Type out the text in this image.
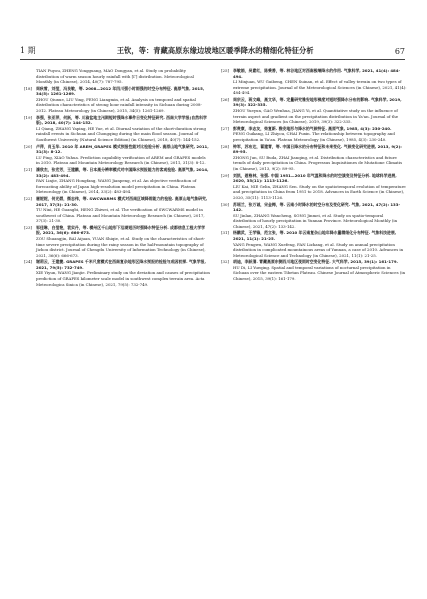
1 期	王钦，等：青藏高原东缘边坡地区暖季降水的精细化特征分析	67
TIAN Fuyou, ZHENG Yongguang, MAO Dongyan, et al. Study on probability distribution of warm season hourly rainfall with [Γ] distribution. Meteorological Monthly (in Chinese), 2014, 40(7): 787-795.
[18]	周秋雪，刘莹，冯良敏，等. 2008—2012 年四川强小时雨强的时空分布特征. 高原气象, 2015, 34(5): 1261-1269.
ZHOU Qiuxue, LIU Ying, FENG Liangmin, et al. Analysis on temporal and spatial distribution characteristics of strong hour rainfall intensity in Sichuan during 2008-2012. Plateau Meteorology (in Chinese), 2015, 34(5): 1261-1269.
[19]	李强，张亚萍，何跃，等. 川渝盆地主汛期短时强降水事件日变化特征研究. 西南大学学报(自然科学版), 2018, 40(7): 144-152.
LI Qiang, ZHANG Yaping, HE Yue, et al. Diurnal variation of the short-duration strong rainfall events in Sichuan and Chongqing during the main flood season. Journal of Southwest University (Natural Science Edition) (in Chinese), 2018, 40(7): 144-152.
[20]	卢萍，肖玉华. 2010 年 AREM_GRAPES 模式预报性能对比检验分析. 高原山地气象研究, 2011, 31(3): 8-12.
LU Ping, XIAO Yuhua. Prediction capability verification of AREM and GRAPES models in 2010. Plateau and Mountain Meteorology Research (in Chinese), 2011, 31(3): 8-12.
[21]	潘欣杰，张宏芳，王建鹏，等. 日本高分辨率模式对中国降水预报能力的客观检验. 高原气象, 2014, 33(2): 483-494.
PAN Linjie, ZHANG Hongfang, WANG Jianpeng, et al. An objective verification of forecasting ability of Japan high-resolution model precipitation in China. Plateau Meteorology (in Chinese), 2014, 33(2): 483-494.
[22]	屠妮妮，何光碧，衡志伟，等. SWCWARMS 模式对西南区域降雨能力的检验. 高原山地气象研究, 2017, 37(3): 21-30.
TU Nini, HE Guangbi, HENG Zhiwei, et al. The verification of SWCWARMS model in southwest of China. Plateau and Mountain Meteorology Research (in Chinese), 2017, 37(3): 21-30.
[23]	邹佳琳，白莹艳，袁实丹，等. 横州区千山地形下沿湖短历时强降水特征分析. 成都信息工程大学学报, 2021, 36(6): 666-673.
ZOU Shuangjin, BAI Aijuan, YUAN Shiqie, et al. Study on the characteristics of short-time severe precipitation during the rainy season in the half-mountain topography of Jizhou district. Journal of Chengdu University of Information Technology (in Chinese), 2021, 36(6): 666-673.
[24]	谢莉云，王建捷. GRAPES 千米尺度模式在西南复杂地形区降水预报的检验与成因初探. 气象学报, 2021, 79(5): 732-749.
XIE Yiyun, WANG Jianjie. Preliminary study on the deviation and causes of precipitation prediction of GRAPES kilometer scale model in southwest complex terrain area. Acta Meteorologica Sinica (in Chinese), 2021, 79(5): 732-749.
[25]	李敏娟，吴素红，陈秉善，等. 林谷地区对西南极端降水的作用. 气象科学, 2021, 41(4): 484-494.
LI Minjuan, WU Guibeng, CHEN Suinan, et al. Effect of valley terrain on two types of extreme precipitation. Journal of the Meteorological Sciences (in Chinese), 2021, 41(4): 484-494.
[26]	周宗云，蒋文峰，高文华，等. 定量研究雅安地形梯度对短时强降水分布的影响. 气象科学, 2019, 39(3): 322-335.
ZHOU Yueyun, GAO Wenhua, JIANG Yi, et al. Quantitative study on the influence of terrain aspect and gradient on the precipitation distribution in Ya'an. Journal of the Meteorological Sciences (in Chinese), 2019, 39(3): 322-335.
[27]	彭贵康，李志友，柴复新. 雅安地形与降水的气候特征. 高原气象, 1985, 4(3): 230-240.
PENG Guikang, LI Zhiyou, CHAI Fuxin. The relationship between topography and precipitation in Ya'an. Plateau Meteorology (in Chinese), 1985, 4(3): 230-240.
[28]	钟军，苏布达，翟建青，等. 中国日降水的分布特征和未来变化. 气候变化研究进展, 2013, 9(2): 89-95.
ZHONG Jun, SU Buda, ZHAI Jianqing, et al. Distribution characteristics and future trends of daily precipitation in China. Progressus Inquisitiones de Mutatione Climatis (in Chinese), 2013, 9(2): 89-95.
[29]	刘凯，聂格林，张强. 中国 1951—2010 年气温和降水的时空演变及特征分析. 地球科学进展, 2020, 35(11): 1113-1126.
LIU Kai, NIE Gelin, ZHANG Sen. Study on the spatiotemporal evolution of temperature and precipitation in China from 1951 to 2018. Advances in Earth Science (in Chinese), 2020, 35(11): 1113-1126.
[30]	苏瑶兰，张万诚，宋金梅，等. 云南小时降水的时空分布及变化研究. 气象, 2021, 47(2): 133-142.
SU Jinlan, ZHANG Wancheng, SONG Jinmei, et al. Study on spatio-temporal distribution of hourly precipitation in Yunnan Province. Meteorological Monthly (in Chinese), 2021, 47(2): 133-142.
[31]	杨鹏武，王学锋，范立张，等. 2010 年云南复杂山地年降水量精细化分布特征. 气象科技进展, 2021, 11(1): 21-25.
YANG Pengwu, WANG Xuefeng, FAN Lizhang, et al. Study on annual precipitation distribution in complicated mountainous areas of Yunnan, a case of 2010. Advances in Meteorological Science and Technology (in Chinese), 2021, 11(1): 21-25.
[32]	胡迪，李跃清. 青藏高原东侧四川地区夜雨时空变化特征. 大气科学, 2015, 39(1): 161-179.
HU Di, LI Yueqing. Spatial and temporal variations of nocturnal precipitation in Sichuan over the eastern Tibetan Plateau. Chinese Journal of Atmospheric Sciences (in Chinese), 2015, 39(1): 161-179.
